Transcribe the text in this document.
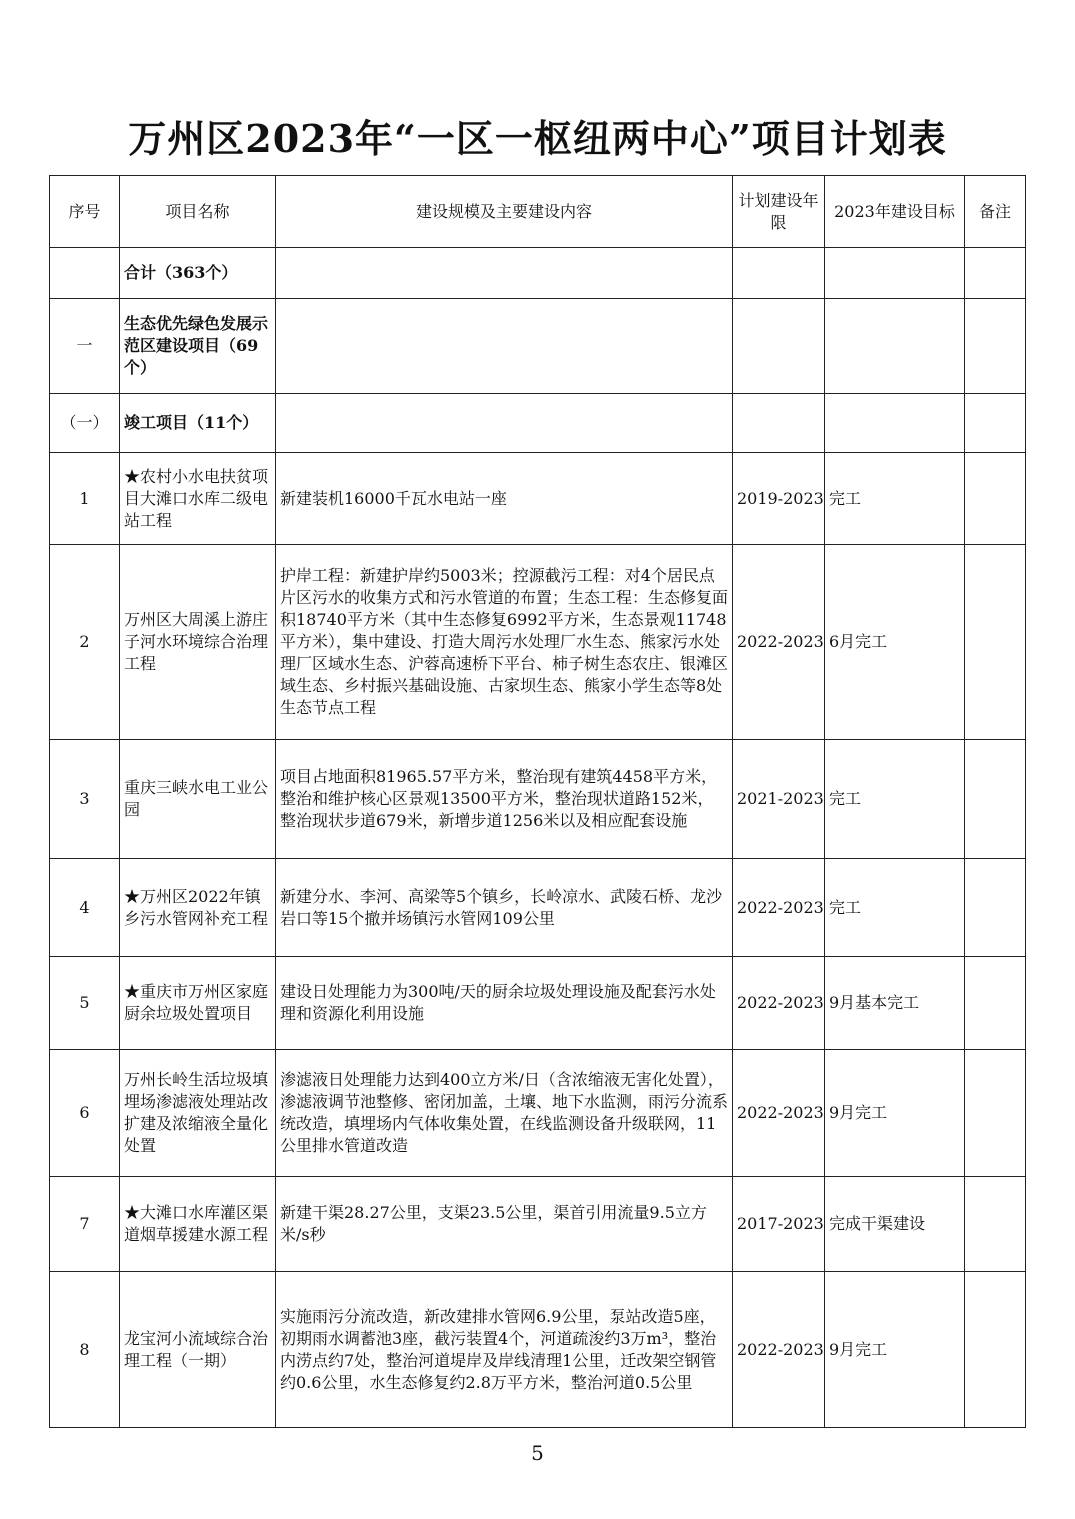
万州区2023年“一区一枢纽两中心”项目计划表
序号	项目名称	建设规模及主要建设内容	计划建设年限	2023年建设目标	备注
	合计（363个）				
一	生态优先绿色发展示范区建设项目（69个）				
（一）	竣工项目（11个）				
1	★农村小水电扶贫项目大滩口水库二级电站工程	新建装机16000千瓦水电站一座	2019-2023	完工	
2	万州区大周溪上游庄子河水环境综合治理工程	护岸工程：新建护岸约5003米；控源截污工程：对4个居民点片区污水的收集方式和污水管道的布置；生态工程：生态修复面积18740平方米（其中生态修复6992平方米，生态景观11748平方米），集中建设、打造大周污水处理厂水生态、熊家污水处理厂区域水生态、沪蓉高速桥下平台、柿子树生态农庄、银滩区域生态、乡村振兴基础设施、古家坝生态、熊家小学生态等8处生态节点工程	2022-2023	6月完工	
3	重庆三峡水电工业公园	项目占地面积81965.57平方米，整治现有建筑4458平方米，整治和维护核心区景观13500平方米，整治现状道路152米，整治现状步道679米，新增步道1256米以及相应配套设施	2021-2023	完工	
4	★万州区2022年镇乡污水管网补充工程	新建分水、李河、高梁等5个镇乡，长岭凉水、武陵石桥、龙沙岩口等15个撤并场镇污水管网109公里	2022-2023	完工	
5	★重庆市万州区家庭厨余垃圾处置项目	建设日处理能力为300吨/天的厨余垃圾处理设施及配套污水处理和资源化利用设施	2022-2023	9月基本完工	
6	万州长岭生活垃圾填埋场渗滤液处理站改扩建及浓缩液全量化处置	渗滤液日处理能力达到400立方米/日（含浓缩液无害化处置），渗滤液调节池整修、密闭加盖，土壤、地下水监测，雨污分流系统改造，填埋场内气体收集处置，在线监测设备升级联网，11公里排水管道改造	2022-2023	9月完工	
7	★大滩口水库灌区渠道烟草援建水源工程	新建干渠28.27公里，支渠23.5公里，渠首引用流量9.5立方米/s秒	2017-2023	完成干渠建设	
8	龙宝河小流域综合治理工程（一期）	实施雨污分流改造，新改建排水管网6.9公里，泵站改造5座，初期雨水调蓄池3座，截污装置4个，河道疏浚约3万m³，整治内涝点约7处，整治河道堤岸及岸线清理1公里，迁改架空钢管约0.6公里，水生态修复约2.8万平方米，整治河道0.5公里	2022-2023	9月完工	
5
